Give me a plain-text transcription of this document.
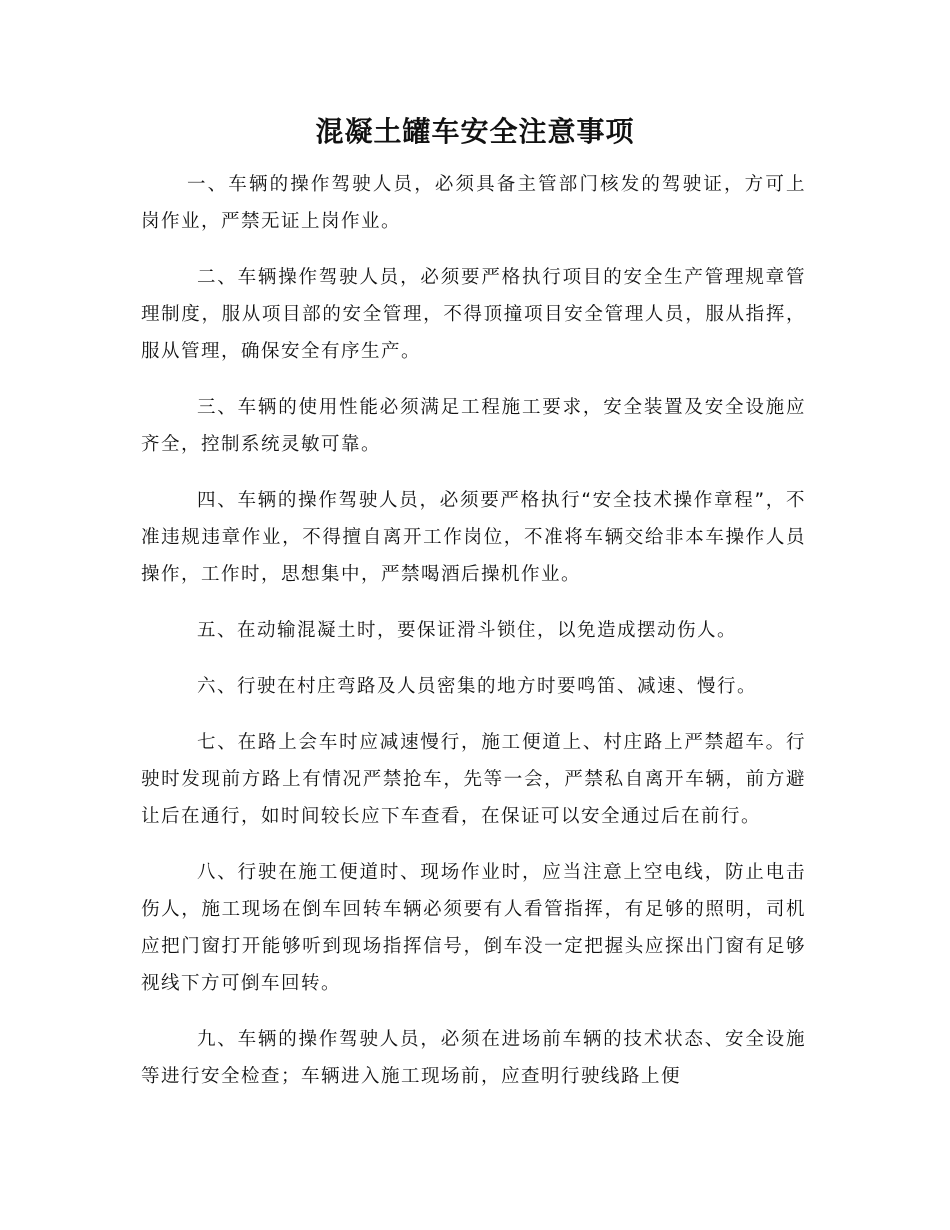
混凝土罐车安全注意事项

一、车辆的操作驾驶人员，必须具备主管部门核发的驾驶证，方可上岗作业，严禁无证上岗作业。

二、车辆操作驾驶人员，必须要严格执行项目的安全生产管理规章管理制度，服从项目部的安全管理，不得顶撞项目安全管理人员，服从指挥，服从管理，确保安全有序生产。

三、车辆的使用性能必须满足工程施工要求，安全装置及安全设施应齐全，控制系统灵敏可靠。

四、车辆的操作驾驶人员，必须要严格执行“安全技术操作章程”，不准违规违章作业，不得擅自离开工作岗位，不准将车辆交给非本车操作人员操作，工作时，思想集中，严禁喝酒后操机作业。

五、在动输混凝土时，要保证滑斗锁住，以免造成摆动伤人。

六、行驶在村庄弯路及人员密集的地方时要鸣笛、减速、慢行。

七、在路上会车时应减速慢行，施工便道上、村庄路上严禁超车。行驶时发现前方路上有情况严禁抢车，先等一会，严禁私自离开车辆，前方避让后在通行，如时间较长应下车查看，在保证可以安全通过后在前行。

八、行驶在施工便道时、现场作业时，应当注意上空电线，防止电击伤人，施工现场在倒车回转车辆必须要有人看管指挥，有足够的照明，司机应把门窗打开能够听到现场指挥信号，倒车没一定把握头应探出门窗有足够视线下方可倒车回转。

九、车辆的操作驾驶人员，必须在进场前车辆的技术状态、安全设施等进行安全检查；车辆进入施工现场前，应查明行驶线路上便
